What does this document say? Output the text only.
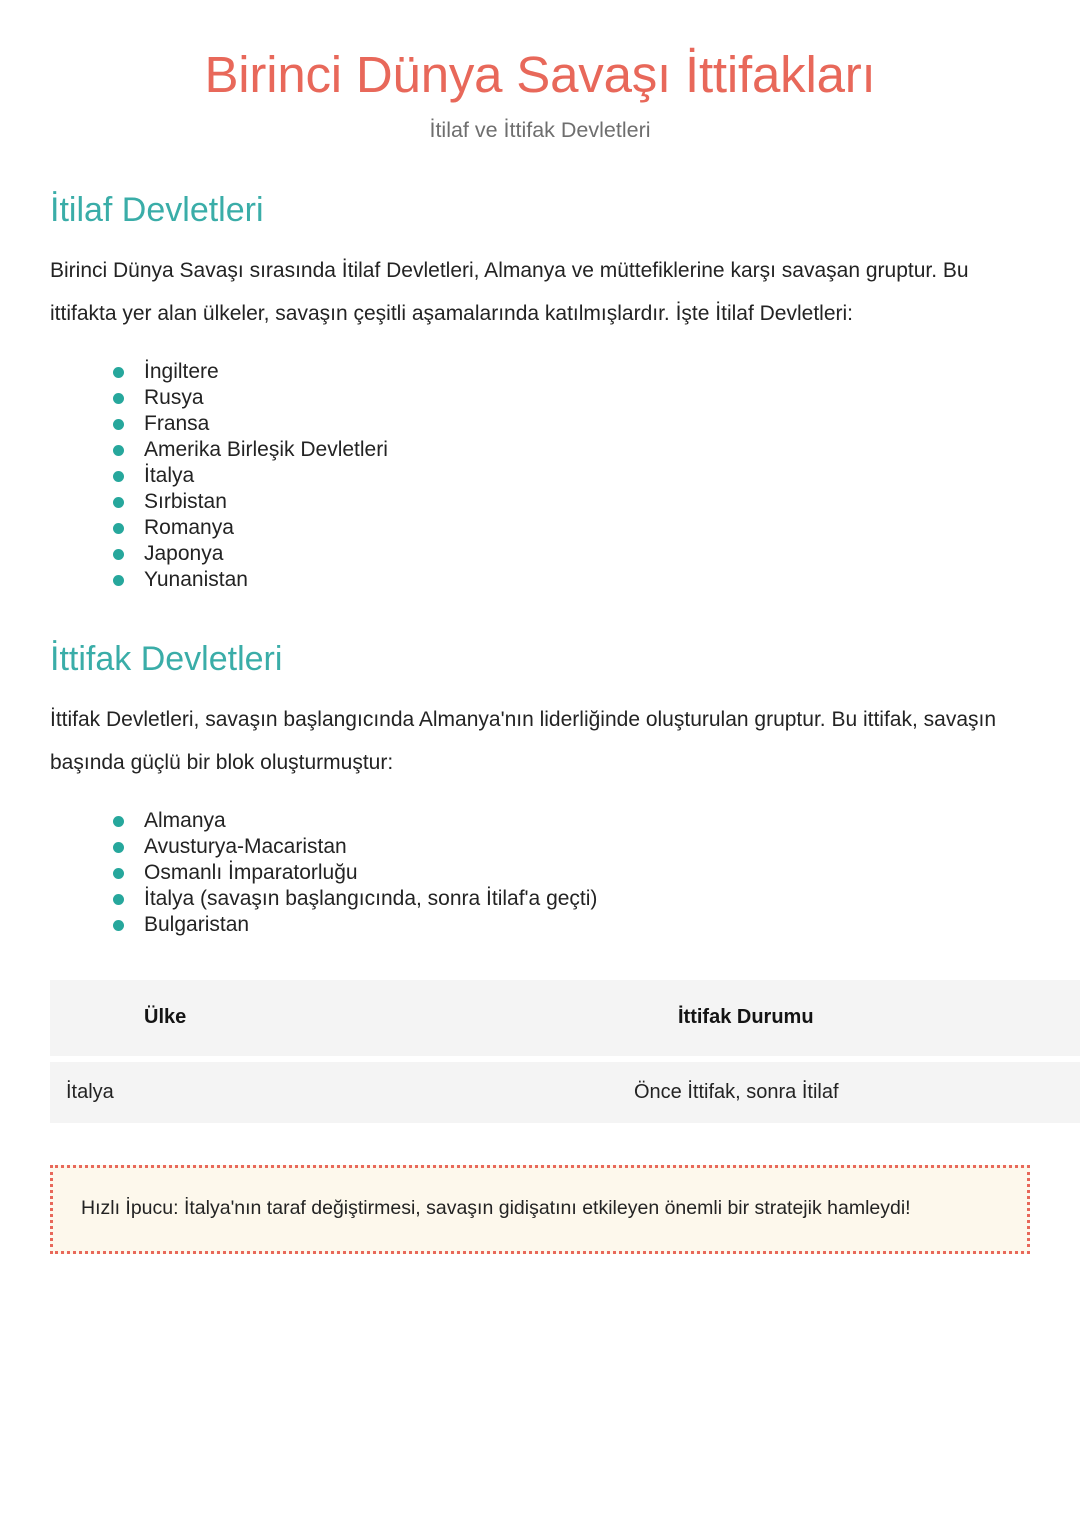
Birinci Dünya Savaşı İttifakları

İtilaf ve İttifak Devletleri

İtilaf Devletleri

Birinci Dünya Savaşı sırasında İtilaf Devletleri, Almanya ve müttefiklerine karşı savaşan gruptur. Bu ittifakta yer alan ülkeler, savaşın çeşitli aşamalarında katılmışlardır. İşte İtilaf Devletleri:

İngiltere
Rusya
Fransa
Amerika Birleşik Devletleri
İtalya
Sırbistan
Romanya
Japonya
Yunanistan
İttifak Devletleri

İttifak Devletleri, savaşın başlangıcında Almanya'nın liderliğinde oluşturulan gruptur. Bu ittifak, savaşın başında güçlü bir blok oluşturmuştur:

Almanya
Avusturya-Macaristan
Osmanlı İmparatorluğu
İtalya (savaşın başlangıcında, sonra İtilaf'a geçti)
Bulgaristan
Ülke	İttifak Durumu
İtalya	Önce İttifak, sonra İtilaf

Hızlı İpucu: İtalya'nın taraf değiştirmesi, savaşın gidişatını etkileyen önemli bir stratejik hamleydi!
